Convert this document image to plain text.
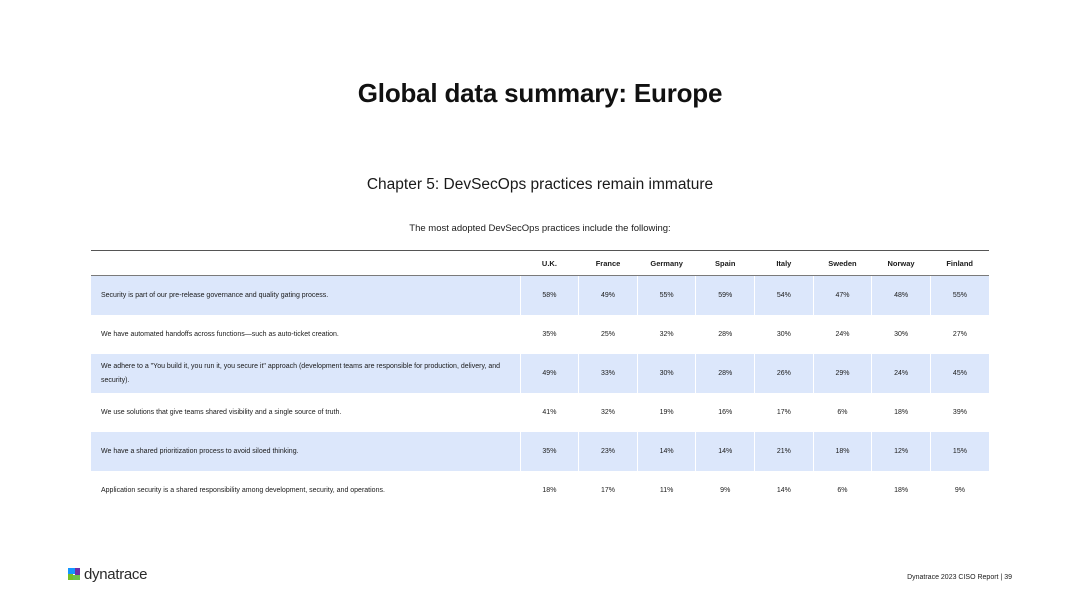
Global data summary: Europe
Chapter 5: DevSecOps practices remain immature
The most adopted DevSecOps practices include the following:
	U.K.	France	Germany	Spain	Italy	Sweden	Norway	Finland
Security is part of our pre-release governance and quality gating process.	58%	49%	55%	59%	54%	47%	48%	55%
We have automated handoffs across functions—such as auto-ticket creation.	35%	25%	32%	28%	30%	24%	30%	27%
We adhere to a "You build it, you run it, you secure it" approach (development teams are responsible for production, delivery, and security).	49%	33%	30%	28%	26%	29%	24%	45%
We use solutions that give teams shared visibility and a single source of truth.	41%	32%	19%	16%	17%	6%	18%	39%
We have a shared prioritization process to avoid siloed thinking.	35%	23%	14%	14%	21%	18%	12%	15%
Application security is a shared responsibility among development, security, and operations.	18%	17%	11%	9%	14%	6%	18%	9%
dynatrace	Dynatrace 2023 CISO Report | 39
